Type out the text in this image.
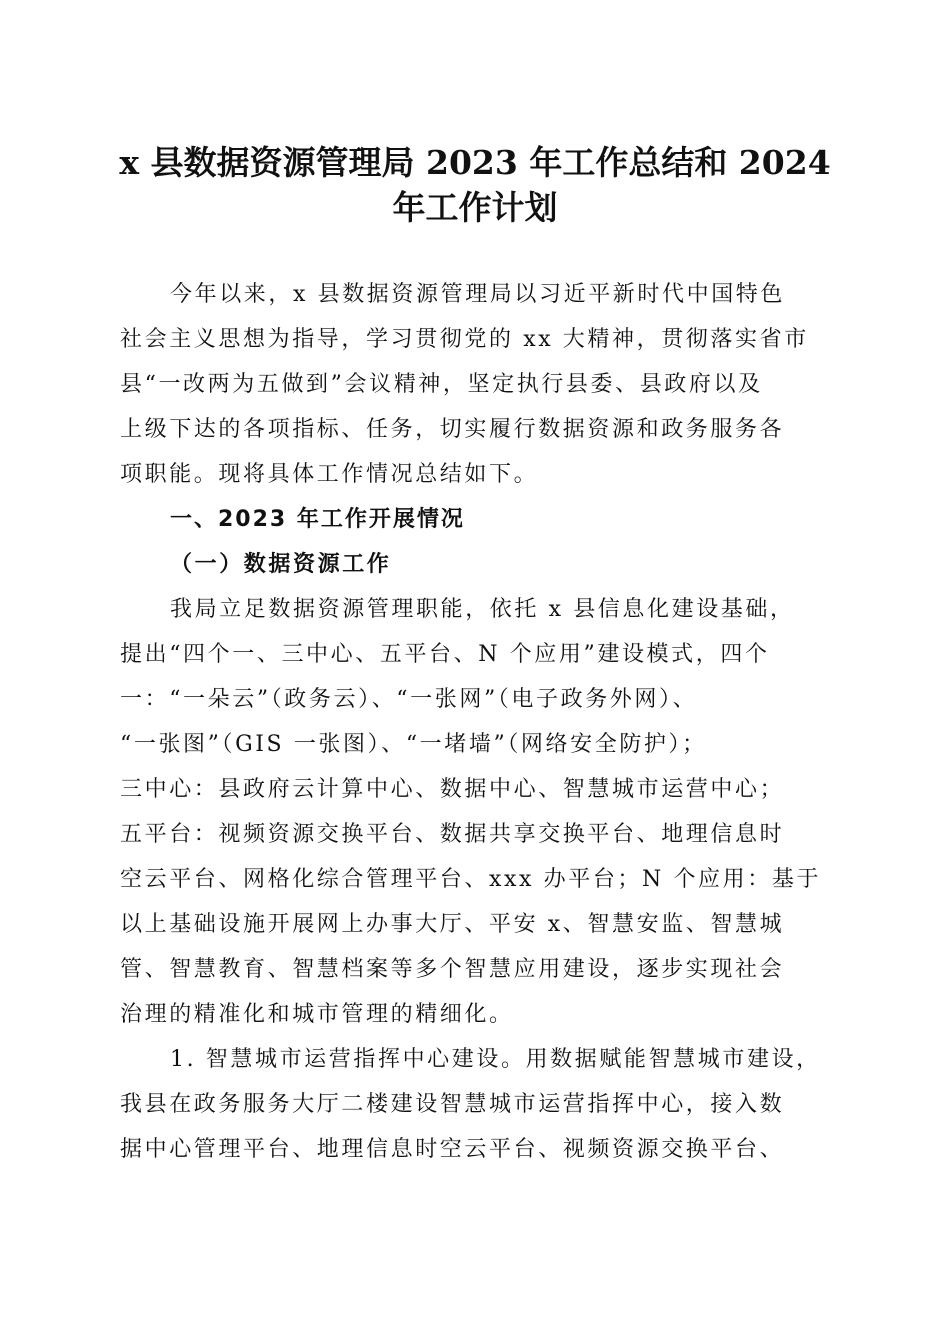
x 县数据资源管理局 2023 年工作总结和 2024
年工作计划

今年以来，x 县数据资源管理局以习近平新时代中国特色
社会主义思想为指导，学习贯彻党的 xx 大精神，贯彻落实省市
县“一改两为五做到”会议精神，坚定执行县委、县政府以及
上级下达的各项指标、任务，切实履行数据资源和政务服务各
项职能。现将具体工作情况总结如下。

一、2023 年工作开展情况
（一）数据资源工作

我局立足数据资源管理职能，依托 x 县信息化建设基础，
提出“四个一、三中心、五平台、N 个应用”建设模式，四个
一：“一朵云”（政务云）、“一张网”（电子政务外网）、
“一张图”（GIS 一张图）、“一堵墙”（网络安全防护）；
三中心：县政府云计算中心、数据中心、智慧城市运营中心；
五平台：视频资源交换平台、数据共享交换平台、地理信息时
空云平台、网格化综合管理平台、xxx 办平台；N 个应用：基于
以上基础设施开展网上办事大厅、平安 x、智慧安监、智慧城
管、智慧教育、智慧档案等多个智慧应用建设，逐步实现社会
治理的精准化和城市管理的精细化。

1. 智慧城市运营指挥中心建设。用数据赋能智慧城市建设，
我县在政务服务大厅二楼建设智慧城市运营指挥中心，接入数
据中心管理平台、地理信息时空云平台、视频资源交换平台、
